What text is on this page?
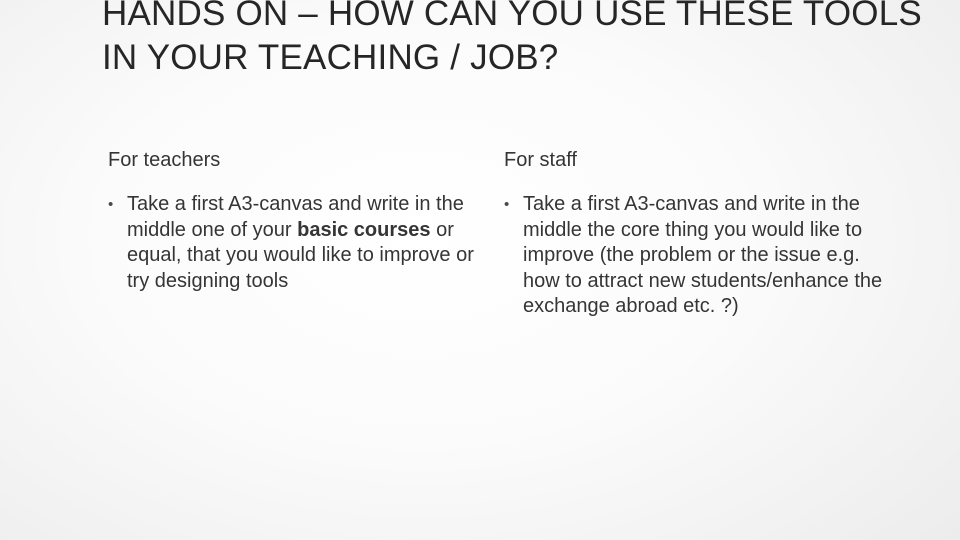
HANDS ON – HOW CAN YOU USE THESE TOOLS IN YOUR TEACHING / JOB?
For teachers
• Take a first A3-canvas and write in the middle one of your basic courses or equal, that you would like to improve or try designing tools
For staff
• Take a first A3-canvas and write in the middle the core thing you would like to improve (the problem or the issue e.g. how to attract new students/enhance the exchange abroad etc. ?)
